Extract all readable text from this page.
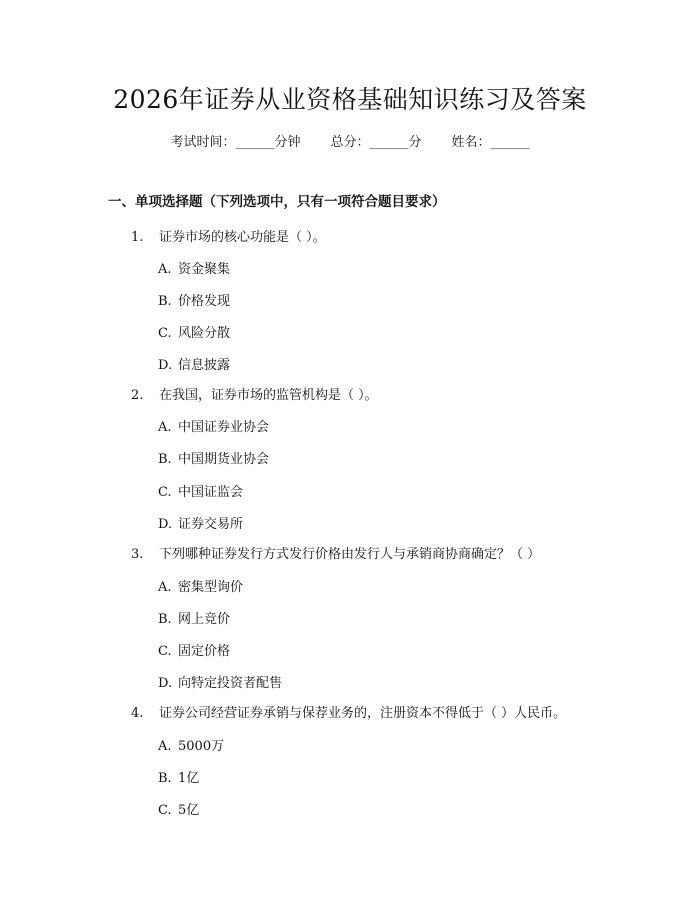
2026年证券从业资格基础知识练习及答案
考试时间：______分钟 总分：______分 姓名：______
一、单项选择题（下列选项中，只有一项符合题目要求）
1. 证券市场的核心功能是（ ）。
A. 资金聚集
B. 价格发现
C. 风险分散
D. 信息披露
2. 在我国，证券市场的监管机构是（ ）。
A. 中国证券业协会
B. 中国期货业协会
C. 中国证监会
D. 证券交易所
3. 下列哪种证券发行方式发行价格由发行人与承销商协商确定？（ ）
A. 密集型询价
B. 网上竞价
C. 固定价格
D. 向特定投资者配售
4. 证券公司经营证券承销与保荐业务的，注册资本不得低于（ ）人民币。
A. 5000万
B. 1亿
C. 5亿
